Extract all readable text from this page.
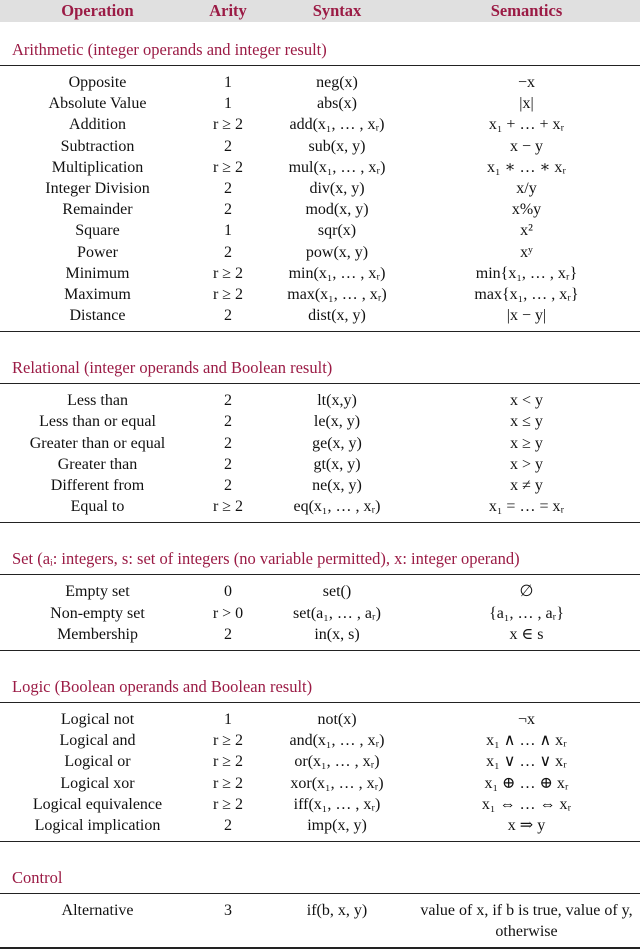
Operation	Arity	Syntax	Semantics
Arithmetic (integer operands and integer result)
Opposite	1	neg(x)	−x
Absolute Value	1	abs(x)	|x|
Addition	r ≥ 2	add(x₁, … , xᵣ)	x₁ + … + xᵣ
Subtraction	2	sub(x, y)	x − y
Multiplication	r ≥ 2	mul(x₁, … , xᵣ)	x₁ ∗ … ∗ xᵣ
Integer Division	2	div(x, y)	x/y
Remainder	2	mod(x, y)	x%y
Square	1	sqr(x)	x²
Power	2	pow(x, y)	xʸ
Minimum	r ≥ 2	min(x₁, … , xᵣ)	min{x₁, … , xᵣ}
Maximum	r ≥ 2	max(x₁, … , xᵣ)	max{x₁, … , xᵣ}
Distance	2	dist(x, y)	|x − y|
Relational (integer operands and Boolean result)
Less than	2	lt(x,y)	x < y
Less than or equal	2	le(x, y)	x ≤ y
Greater than or equal	2	ge(x, y)	x ≥ y
Greater than	2	gt(x, y)	x > y
Different from	2	ne(x, y)	x ≠ y
Equal to	r ≥ 2	eq(x₁, … , xᵣ)	x₁ = … = xᵣ
Set (aᵢ: integers, s: set of integers (no variable permitted), x: integer operand)
Empty set	0	set()	∅
Non-empty set	r > 0	set(a₁, … , aᵣ)	{a₁, … , aᵣ}
Membership	2	in(x, s)	x ∈ s
Logic (Boolean operands and Boolean result)
Logical not	1	not(x)	¬x
Logical and	r ≥ 2	and(x₁, … , xᵣ)	x₁ ∧ … ∧ xᵣ
Logical or	r ≥ 2	or(x₁, … , xᵣ)	x₁ ∨ … ∨ xᵣ
Logical xor	r ≥ 2	xor(x₁, … , xᵣ)	x₁ ⊕ … ⊕ xᵣ
Logical equivalence	r ≥ 2	iff(x₁, … , xᵣ)	x₁ ⇔ … ⇔ xᵣ
Logical implication	2	imp(x, y)	x ⇒ y
Control
Alternative	3	if(b, x, y)	value of x, if b is true, value of y, otherwise
